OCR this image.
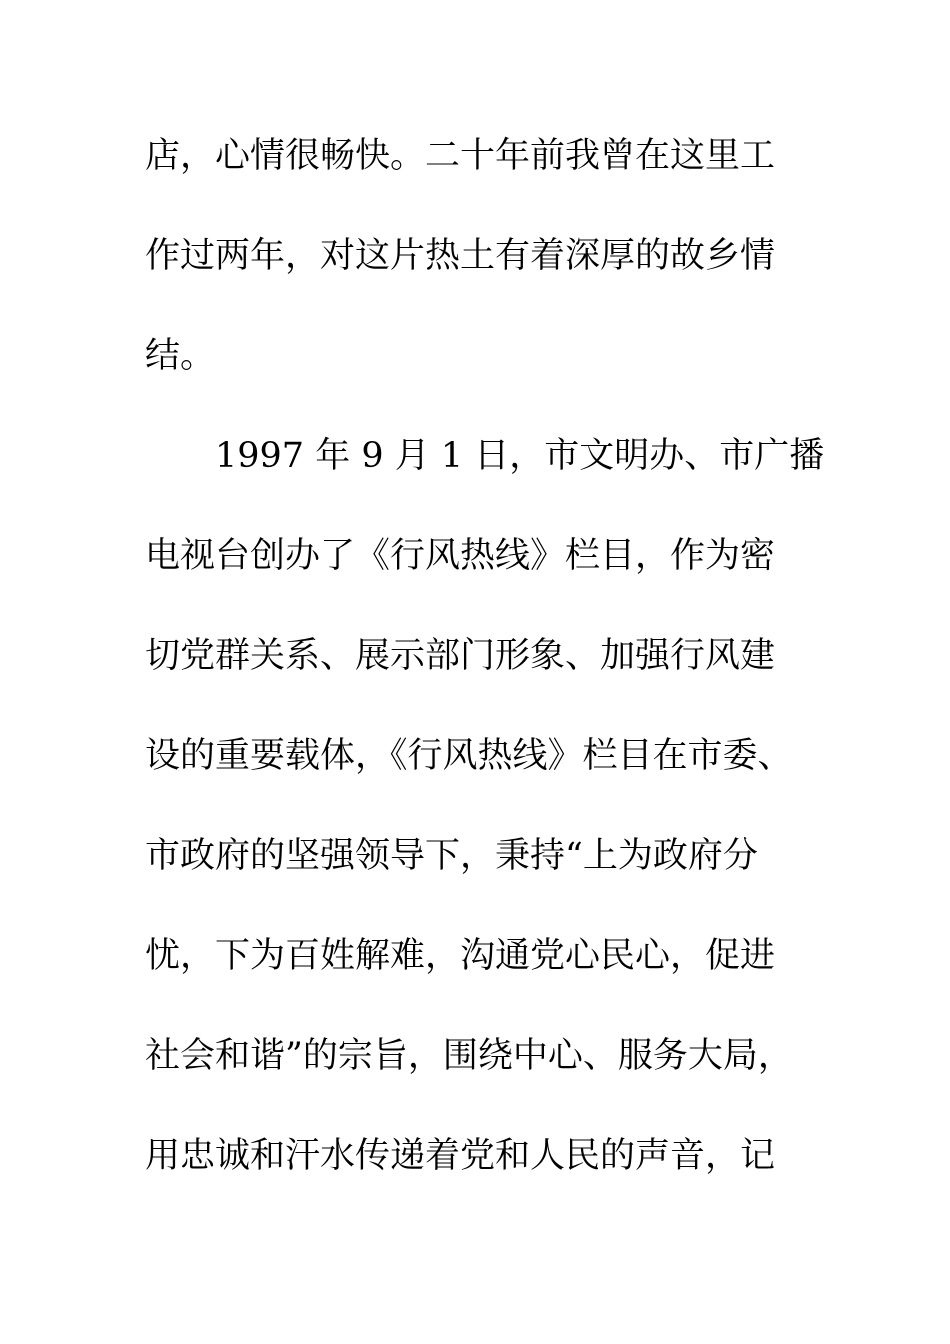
店，心情很畅快。二十年前我曾在这里工
作过两年，对这片热土有着深厚的故乡情
结。
1997 年 9 月 1 日，市文明办、市广播
电视台创办了《行风热线》栏目，作为密
切党群关系、展示部门形象、加强行风建
设的重要载体，《行风热线》栏目在市委、
市政府的坚强领导下，秉持“上为政府分
忧，下为百姓解难，沟通党心民心，促进
社会和谐”的宗旨，围绕中心、服务大局，
用忠诚和汗水传递着党和人民的声音，记
